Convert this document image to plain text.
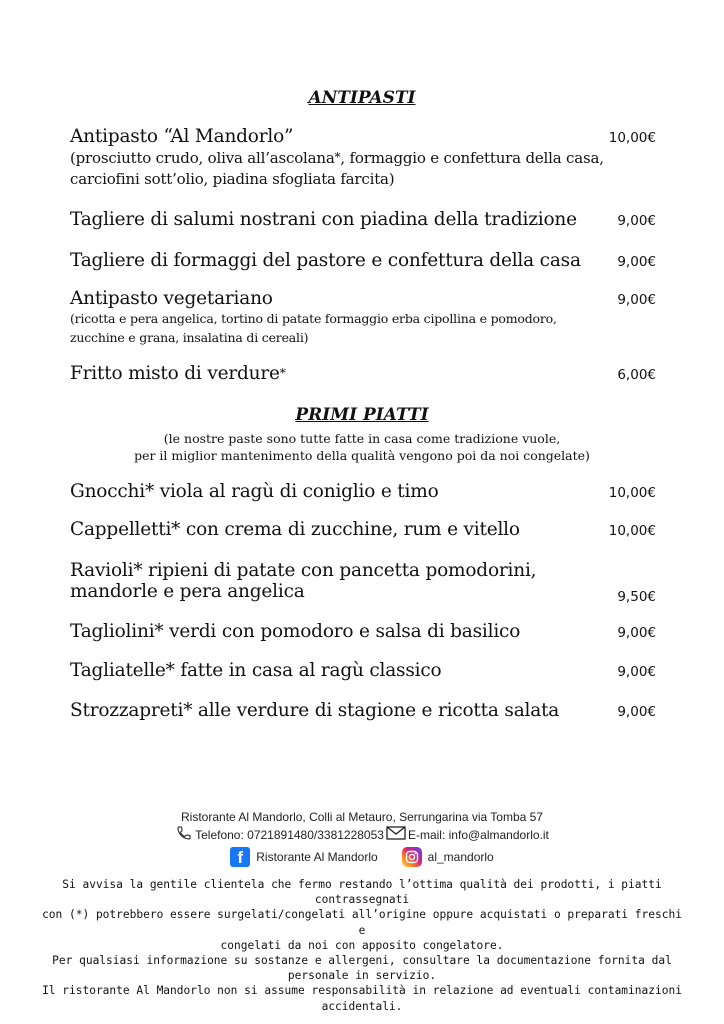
ANTIPASTI
Antipasto “Al Mandorlo”	10,00€
(prosciutto crudo, oliva all’ascolana*, formaggio e confettura della casa,
carciofini sott’olio, piadina sfogliata farcita)
Tagliere di salumi nostrani con piadina della tradizione	9,00€
Tagliere di formaggi del pastore e confettura della casa	9,00€
Antipasto vegetariano	9,00€
(ricotta e pera angelica, tortino di patate formaggio erba cipollina e pomodoro,
zucchine e grana, insalatina di cereali)
Fritto misto di verdure*	6,00€
PRIMI PIATTI
(le nostre paste sono tutte fatte in casa come tradizione vuole,
per il miglior mantenimento della qualità vengono poi da noi congelate)
Gnocchi* viola al ragù di coniglio e timo	10,00€
Cappelletti* con crema di zucchine, rum e vitello	10,00€
Ravioli* ripieni di patate con pancetta pomodorini,
mandorle e pera angelica	9,50€
Tagliolini* verdi con pomodoro e salsa di basilico	9,00€
Tagliatelle* fatte in casa al ragù classico	9,00€
Strozzapreti* alle verdure di stagione e ricotta salata	9,00€
Ristorante Al Mandorlo, Colli al Metauro, Serrungarina via Tomba 57
Telefono: 0721891480/3381228053 E-mail: info@almandorlo.it
f	Ristorante Al Mandorlo	al_mandorlo
Si avvisa la gentile clientela che fermo restando l’ottima qualità dei prodotti, i piatti contrassegnati
con (*) potrebbero essere surgelati/congelati all’origine oppure acquistati o preparati freschi e
congelati da noi con apposito congelatore.
Per qualsiasi informazione su sostanze e allergeni, consultare la documentazione fornita dal
personale in servizio.
Il ristorante Al Mandorlo non si assume responsabilità in relazione ad eventuali contaminazioni
accidentali.
